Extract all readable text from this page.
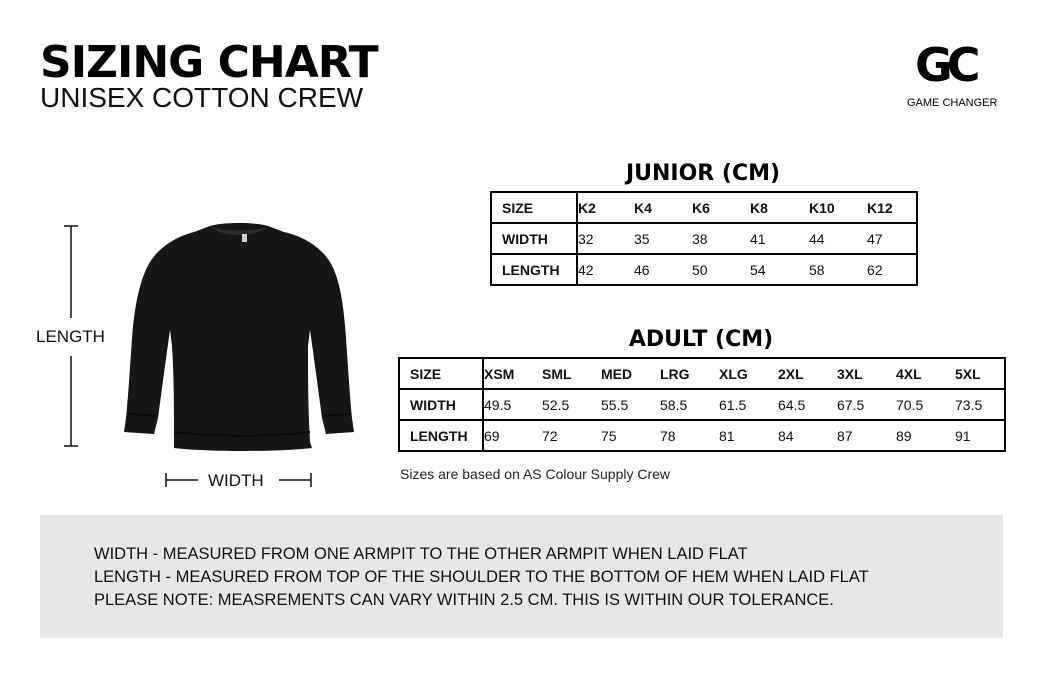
SIZING CHART
UNISEX COTTON CREW
GC
GAME CHANGER
LENGTH
WIDTH
JUNIOR (CM)
SIZE	K2	K4	K6	K8	K10	K12
WIDTH	32	35	38	41	44	47
LENGTH	42	46	50	54	58	62
ADULT (CM)
SIZE	XSM	SML	MED	LRG	XLG	2XL	3XL	4XL	5XL
WIDTH	49.5	52.5	55.5	58.5	61.5	64.5	67.5	70.5	73.5
LENGTH	69	72	75	78	81	84	87	89	91
Sizes are based on AS Colour Supply Crew
WIDTH - MEASURED FROM ONE ARMPIT TO THE OTHER ARMPIT WHEN LAID FLAT
LENGTH - MEASURED FROM TOP OF THE SHOULDER TO THE BOTTOM OF HEM WHEN LAID FLAT
PLEASE NOTE: MEASREMENTS CAN VARY WITHIN 2.5 CM. THIS IS WITHIN OUR TOLERANCE.
